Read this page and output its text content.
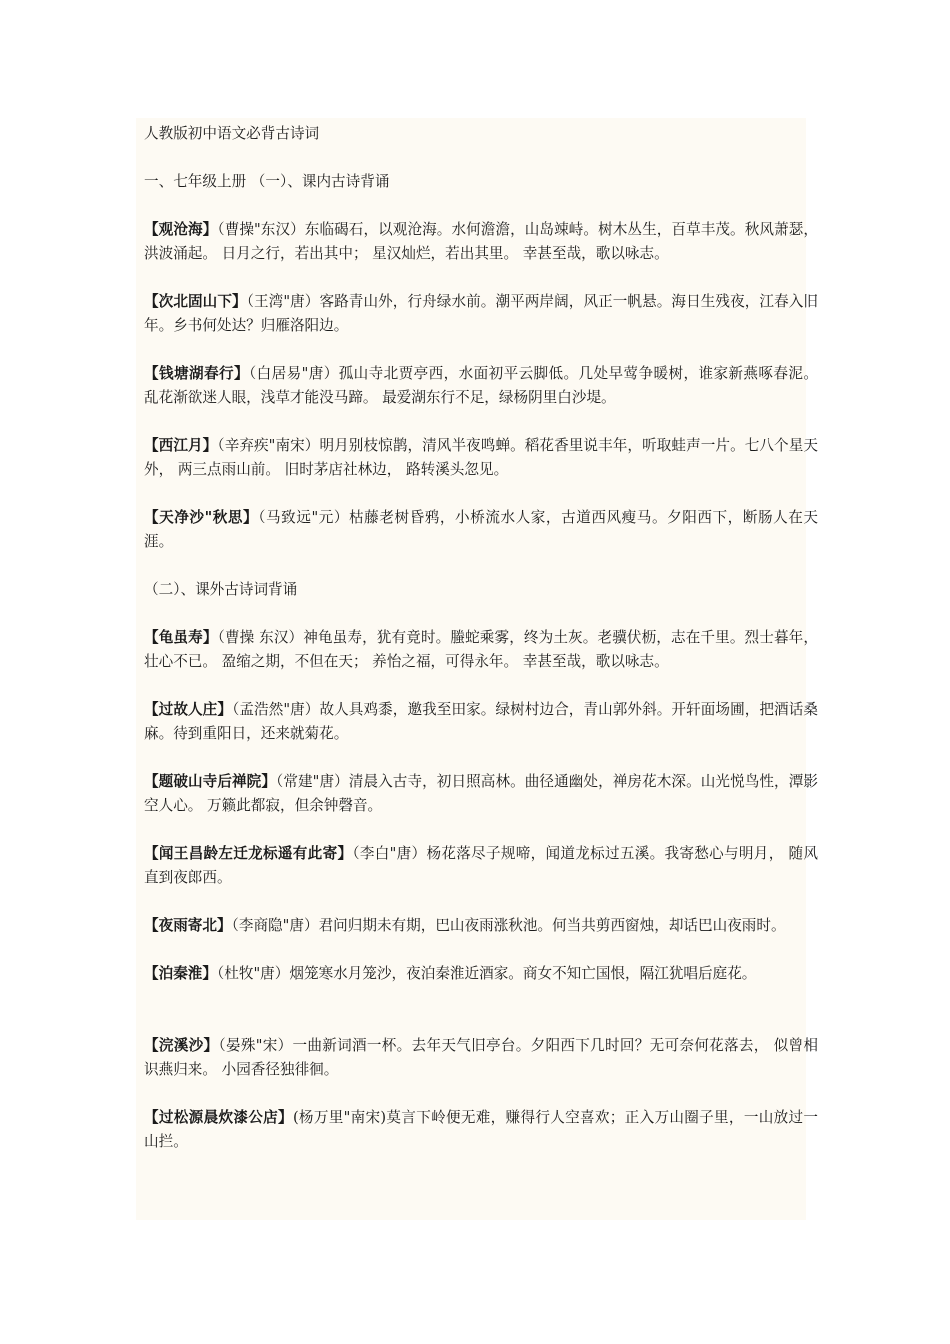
人教版初中语文必背古诗词

一、七年级上册 （一）、课内古诗背诵

【观沧海】（曹操"东汉）东临碣石，以观沧海。水何澹澹，山岛竦峙。树木丛生，百草丰茂。秋风萧瑟，洪波涌起。 日月之行，若出其中； 星汉灿烂，若出其里。 幸甚至哉，歌以咏志。

【次北固山下】（王湾"唐）客路青山外，行舟绿水前。潮平两岸阔，风正一帆悬。海日生残夜，江春入旧年。乡书何处达？归雁洛阳边。

【钱塘湖春行】（白居易"唐）孤山寺北贾亭西，水面初平云脚低。几处早莺争暖树，谁家新燕啄春泥。 乱花渐欲迷人眼，浅草才能没马蹄。 最爱湖东行不足，绿杨阴里白沙堤。

【西江月】（辛弃疾"南宋）明月别枝惊鹊，清风半夜鸣蝉。稻花香里说丰年，听取蛙声一片。七八个星天外， 两三点雨山前。 旧时茅店社林边， 路转溪头忽见。

【天净沙"秋思】（马致远"元）枯藤老树昏鸦，小桥流水人家，古道西风瘦马。夕阳西下，断肠人在天涯。

（二）、课外古诗词背诵

【龟虽寿】（曹操 东汉）神龟虽寿，犹有竟时。螣蛇乘雾，终为土灰。老骥伏枥，志在千里。烈士暮年，壮心不已。 盈缩之期，不但在天； 养怡之福，可得永年。 幸甚至哉，歌以咏志。

【过故人庄】（孟浩然"唐）故人具鸡黍，邀我至田家。绿树村边合，青山郭外斜。开轩面场圃，把酒话桑麻。待到重阳日，还来就菊花。

【题破山寺后禅院】（常建"唐）清晨入古寺，初日照高林。曲径通幽处，禅房花木深。山光悦鸟性，潭影空人心。 万籁此都寂，但余钟磬音。

【闻王昌龄左迁龙标遥有此寄】（李白"唐）杨花落尽子规啼，闻道龙标过五溪。我寄愁心与明月， 随风直到夜郎西。

【夜雨寄北】（李商隐"唐）君问归期未有期，巴山夜雨涨秋池。何当共剪西窗烛，却话巴山夜雨时。

【泊秦淮】（杜牧"唐）烟笼寒水月笼沙，夜泊秦淮近酒家。商女不知亡国恨，隔江犹唱后庭花。

【浣溪沙】（晏殊"宋）一曲新词酒一杯。去年天气旧亭台。夕阳西下几时回？无可奈何花落去， 似曾相识燕归来。 小园香径独徘徊。

【过松源晨炊漆公店】(杨万里"南宋)莫言下岭便无难，赚得行人空喜欢；正入万山圈子里，一山放过一山拦。
